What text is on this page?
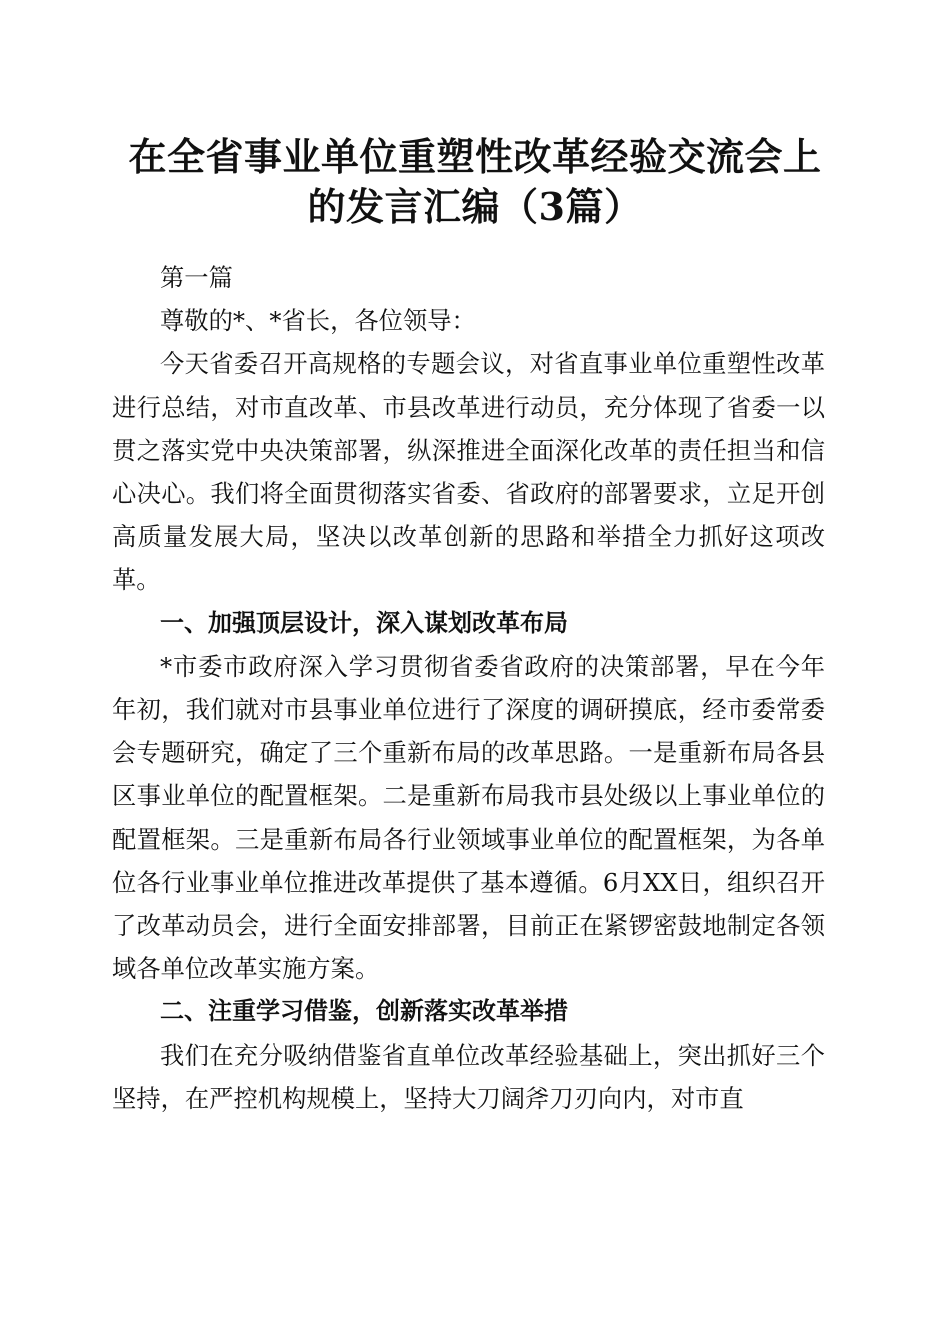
在全省事业单位重塑性改革经验交流会上的发言汇编（3篇）

第一篇

尊敬的*、*省长，各位领导：

今天省委召开高规格的专题会议，对省直事业单位重塑性改革进行总结，对市直改革、市县改革进行动员，充分体现了省委一以贯之落实党中央决策部署，纵深推进全面深化改革的责任担当和信心决心。我们将全面贯彻落实省委、省政府的部署要求，立足开创高质量发展大局，坚决以改革创新的思路和举措全力抓好这项改革。

一、加强顶层设计，深入谋划改革布局

*市委市政府深入学习贯彻省委省政府的决策部署，早在今年年初，我们就对市县事业单位进行了深度的调研摸底，经市委常委会专题研究，确定了三个重新布局的改革思路。一是重新布局各县区事业单位的配置框架。二是重新布局我市县处级以上事业单位的配置框架。三是重新布局各行业领域事业单位的配置框架，为各单位各行业事业单位推进改革提供了基本遵循。6月XX日，组织召开了改革动员会，进行全面安排部署，目前正在紧锣密鼓地制定各领域各单位改革实施方案。

二、注重学习借鉴，创新落实改革举措

我们在充分吸纳借鉴省直单位改革经验基础上，突出抓好三个坚持，在严控机构规模上，坚持大刀阔斧刀刃向内，对市直
